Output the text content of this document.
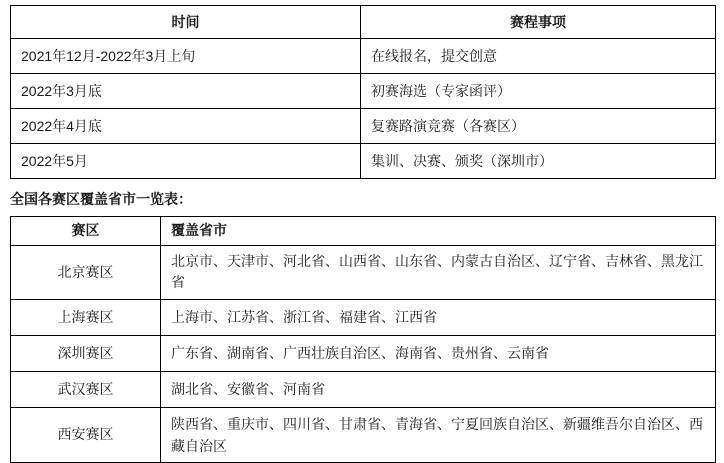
时间	赛程事项
2021年12月-2022年3月上旬	在线报名，提交创意
2022年3月底	初赛海选（专家函评）
2022年4月底	复赛路演竞赛（各赛区）
2022年5月	集训、决赛、颁奖（深圳市）
全国各赛区覆盖省市一览表：
赛区	覆盖省市
北京赛区	北京市、天津市、河北省、山西省、山东省、内蒙古自治区、辽宁省、吉林省、黑龙江省
上海赛区	上海市、江苏省、浙江省、福建省、江西省
深圳赛区	广东省、湖南省、广西壮族自治区、海南省、贵州省、云南省
武汉赛区	湖北省、安徽省、河南省
西安赛区	陕西省、重庆市、四川省、甘肃省、青海省、宁夏回族自治区、新疆维吾尔自治区、西藏自治区
